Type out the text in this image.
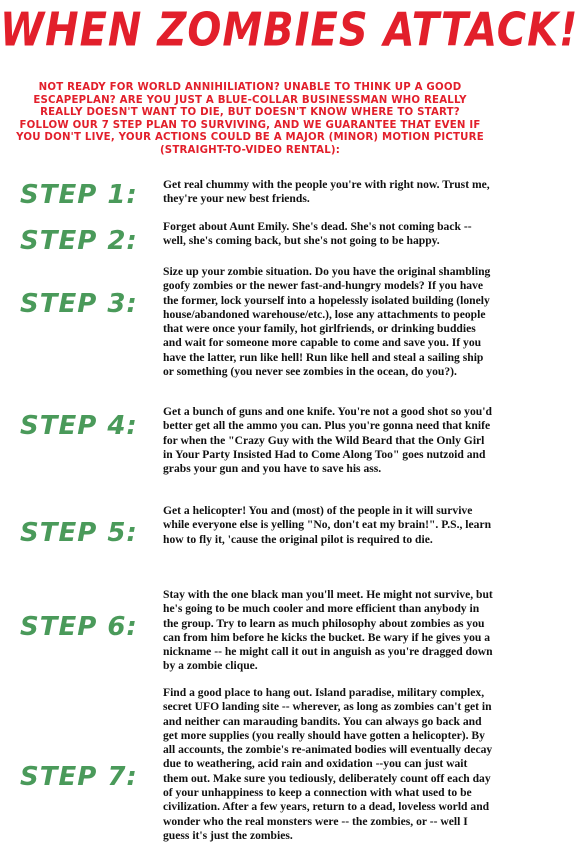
WHEN ZOMBIES ATTACK!
NOT READY FOR WORLD ANNIHILIATION? UNABLE TO THINK UP A GOOD ESCAPEPLAN? ARE YOU JUST A BLUE-COLLAR BUSINESSMAN WHO REALLY REALLY DOESN'T WANT TO DIE, BUT DOESN'T KNOW WHERE TO START? FOLLOW OUR 7 STEP PLAN TO SURVIVING, AND WE GUARANTEE THAT EVEN IF YOU DON'T LIVE, YOUR ACTIONS COULD BE A MAJOR (MINOR) MOTION PICTURE (STRAIGHT-TO-VIDEO RENTAL):
STEP 1:	Get real chummy with the people you're with right now. Trust me, they're your new best friends.
STEP 2:	Forget about Aunt Emily. She's dead. She's not coming back -- well, she's coming back, but she's not going to be happy.
STEP 3:
Size up your zombie situation. Do you have the original shambling goofy zombies or the newer fast-and-hungry models? If you have the former, lock yourself into a hopelessly isolated building (lonely house/abandoned warehouse/etc.), lose any attachments to people that were once your family, hot girlfriends, or drinking buddies and wait for someone more capable to come and save you. If you have the latter, run like hell! Run like hell and steal a sailing ship or something (you never see zombies in the ocean, do you?).
STEP 4:	Get a bunch of guns and one knife. You're not a good shot so you'd better get all the ammo you can. Plus you're gonna need that knife for when the "Crazy Guy with the Wild Beard that the Only Girl in Your Party Insisted Had to Come Along Too" goes nutzoid and grabs your gun and you have to save his ass.
STEP 5:
Get a helicopter! You and (most) of the people in it will survive while everyone else is yelling "No, don't eat my brain!". P.S., learn how to fly it, 'cause the original pilot is required to die.
STEP 6:
Stay with the one black man you'll meet. He might not survive, but he's going to be much cooler and more efficient than anybody in the group. Try to learn as much philosophy about zombies as you can from him before he kicks the bucket. Be wary if he gives you a nickname -- he might call it out in anguish as you're dragged down by a zombie clique.
STEP 7:
Find a good place to hang out. Island paradise, military complex, secret UFO landing site -- wherever, as long as zombies can't get in and neither can marauding bandits. You can always go back and get more supplies (you really should have gotten a helicopter). By all accounts, the zombie's re-animated bodies will eventually decay due to weathering, acid rain and oxidation --you can just wait them out. Make sure you tediously, deliberately count off each day of your unhappiness to keep a connection with what used to be civilization. After a few years, return to a dead, loveless world and wonder who the real monsters were -- the zombies, or -- well I guess it's just the zombies.
